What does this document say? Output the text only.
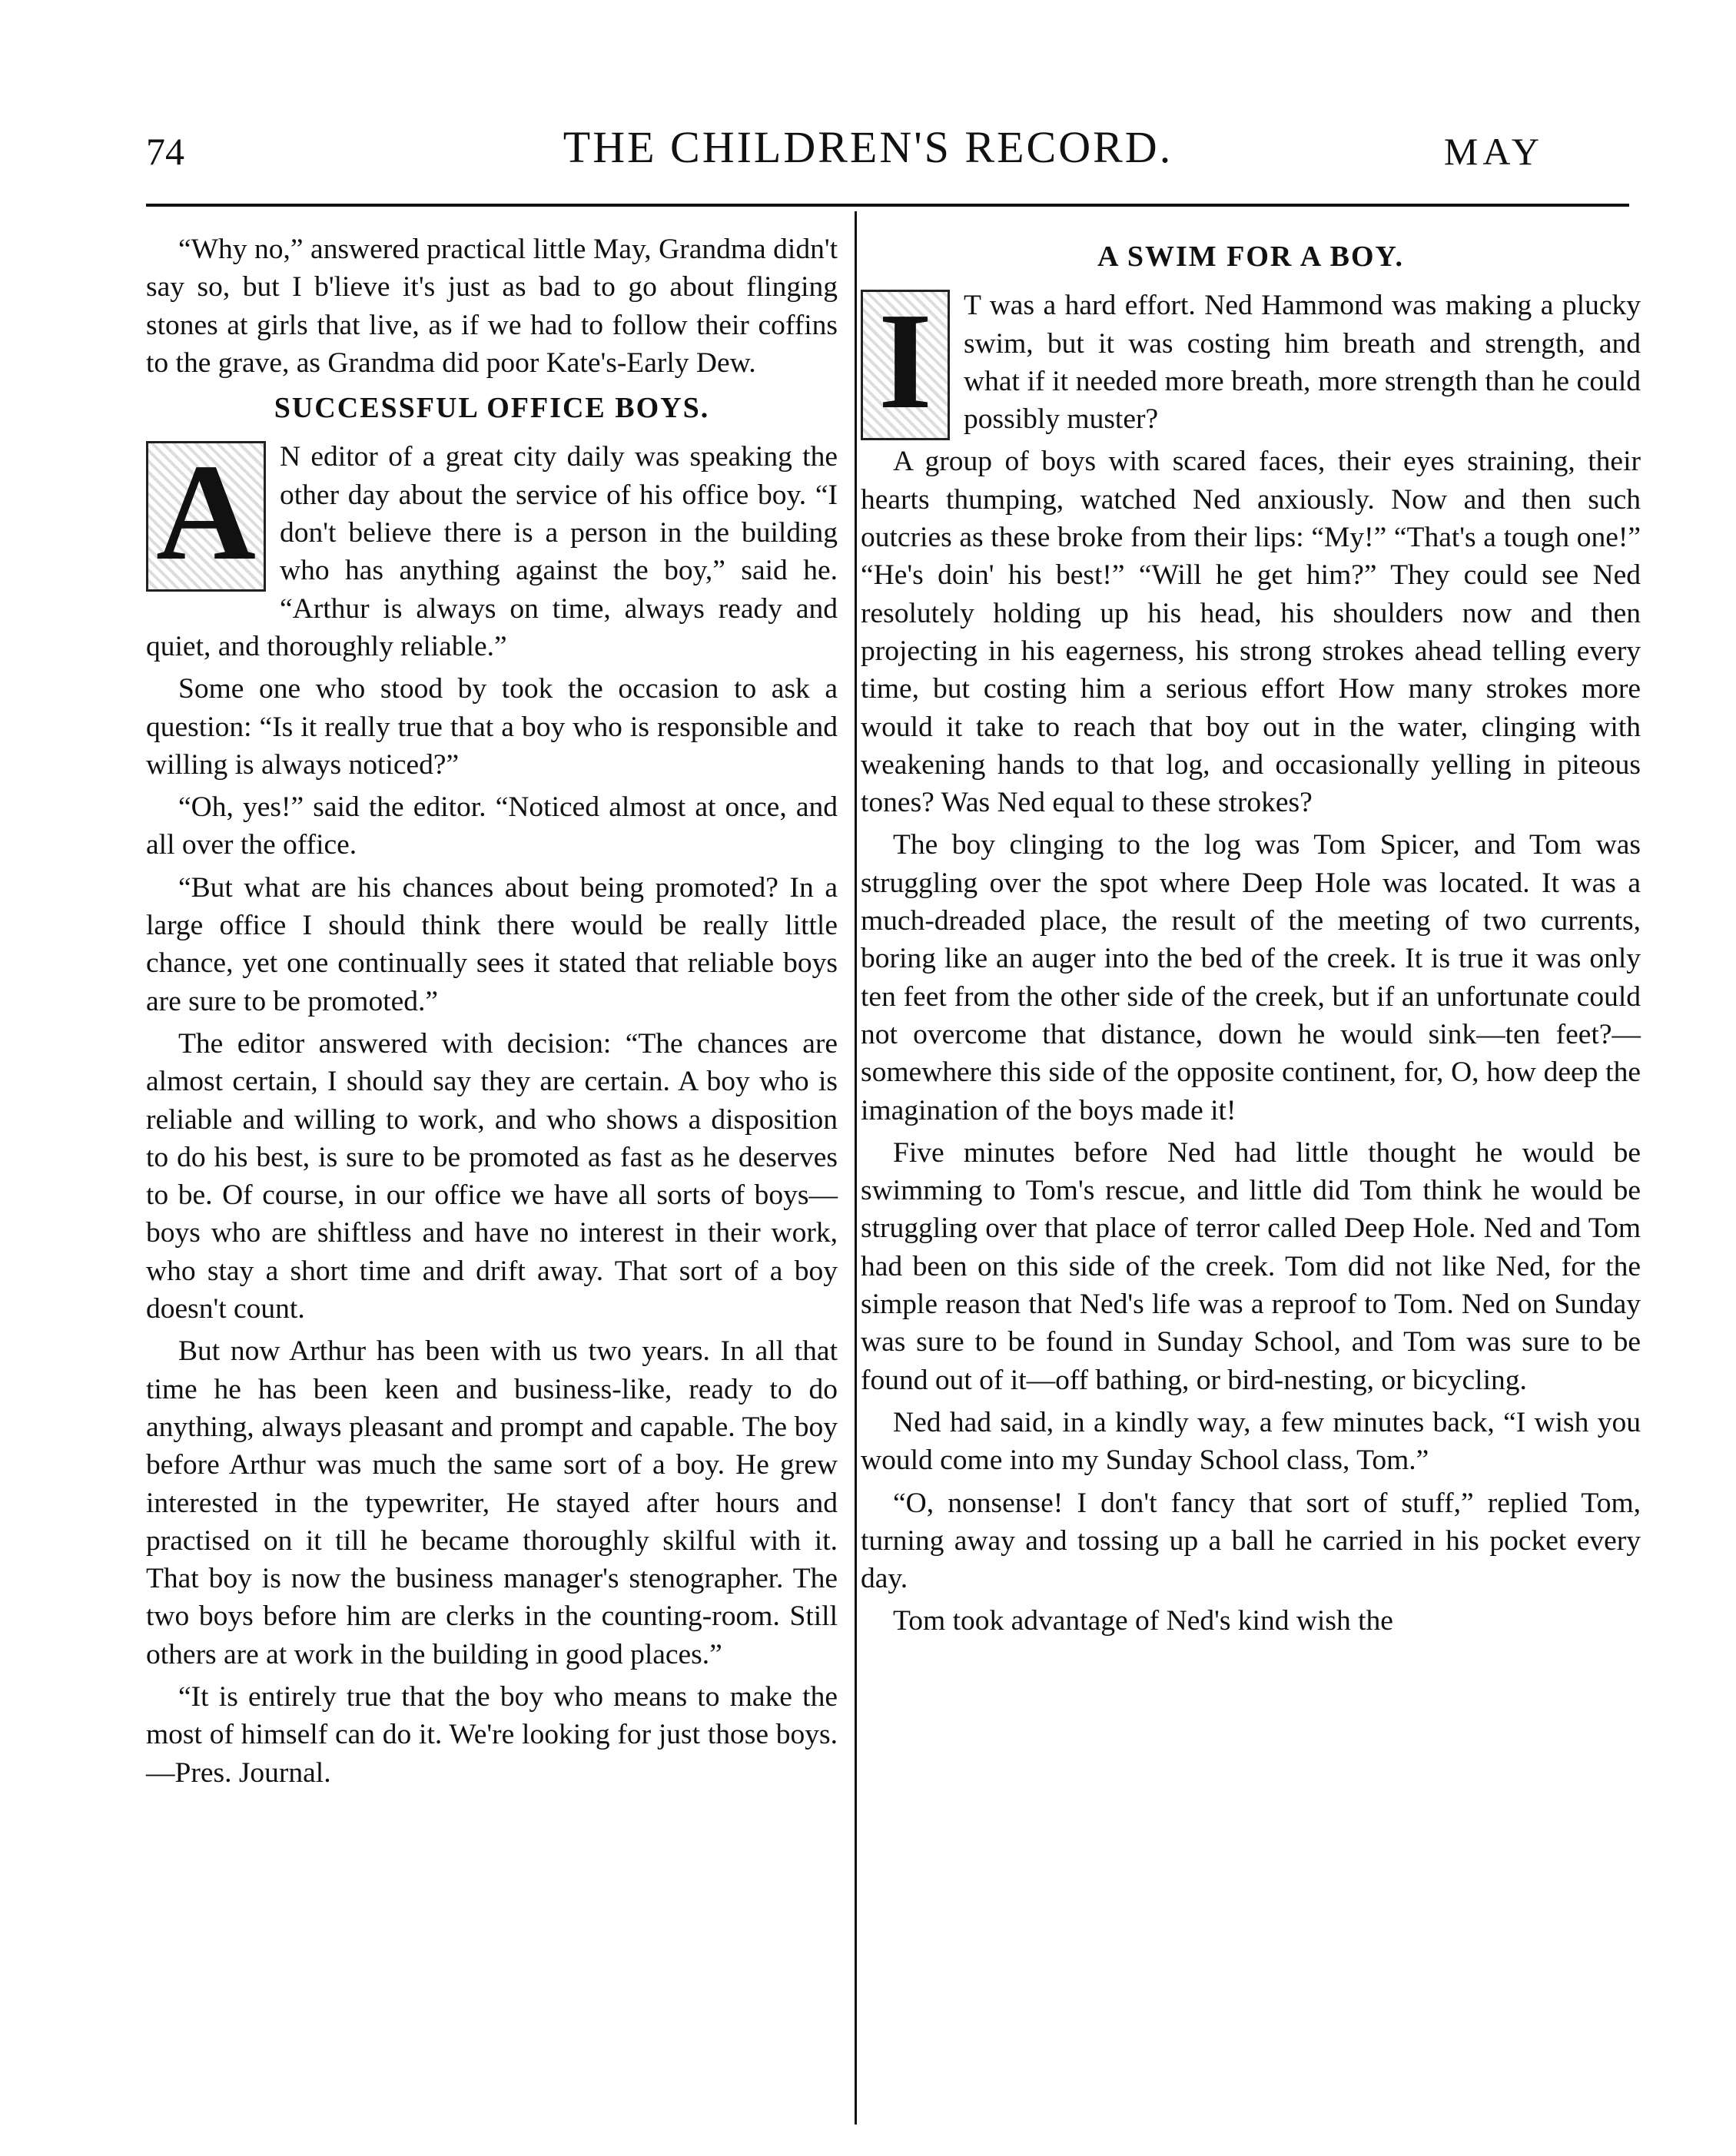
74	THE CHILDREN'S RECORD.	MAY

“Why no,” answered practical little May, Grandma didn't say so, but I b'lieve it's just as bad to go about flinging stones at girls that live, as if we had to follow their coffins to the grave, as Grandma did poor Kate's-Early Dew.

SUCCESSFUL OFFICE BOYS.
A N editor of a great city daily was speaking the other day about the service of his office boy. “I don't believe there is a person in the building who has anything against the boy,” said he. “Arthur is always on time, always ready and quiet, and thoroughly reliable.”

Some one who stood by took the occasion to ask a question: “Is it really true that a boy who is responsible and willing is always noticed?”

“Oh, yes!” said the editor. “Noticed almost at once, and all over the office.

“But what are his chances about being promoted? In a large office I should think there would be really little chance, yet one continually sees it stated that reliable boys are sure to be promoted.”

The editor answered with decision: “The chances are almost certain, I should say they are certain. A boy who is reliable and willing to work, and who shows a disposition to do his best, is sure to be promoted as fast as he deserves to be. Of course, in our office we have all sorts of boys—boys who are shiftless and have no interest in their work, who stay a short time and drift away. That sort of a boy doesn't count.

But now Arthur has been with us two years. In all that time he has been keen and business-like, ready to do anything, always pleasant and prompt and capable. The boy before Arthur was much the same sort of a boy. He grew interested in the typewriter, He stayed after hours and practised on it till he became thoroughly skilful with it. That boy is now the business manager's stenographer. The two boys before him are clerks in the counting-room. Still others are at work in the building in good places.”

“It is entirely true that the boy who means to make the most of himself can do it. We're looking for just those boys.—Pres. Journal.

A SWIM FOR A BOY.
I	T was a hard effort. Ned Hammond was making a plucky swim, but it was costing him breath and strength, and what if it needed more breath, more strength than he could possibly muster?

A group of boys with scared faces, their eyes straining, their hearts thumping, watched Ned anxiously. Now and then such outcries as these broke from their lips: “My!” “That's a tough one!” “He's doin' his best!” “Will he get him?” They could see Ned resolutely holding up his head, his shoulders now and then projecting in his eagerness, his strong strokes ahead telling every time, but costing him a serious effort How many strokes more would it take to reach that boy out in the water, clinging with weakening hands to that log, and occasionally yelling in piteous tones? Was Ned equal to these strokes?

The boy clinging to the log was Tom Spicer, and Tom was struggling over the spot where Deep Hole was located. It was a much-dreaded place, the result of the meeting of two currents, boring like an auger into the bed of the creek. It is true it was only ten feet from the other side of the creek, but if an unfortunate could not overcome that distance, down he would sink—ten feet?—somewhere this side of the opposite continent, for, O, how deep the imagination of the boys made it!

Five minutes before Ned had little thought he would be swimming to Tom's rescue, and little did Tom think he would be struggling over that place of terror called Deep Hole. Ned and Tom had been on this side of the creek. Tom did not like Ned, for the simple reason that Ned's life was a reproof to Tom. Ned on Sunday was sure to be found in Sunday School, and Tom was sure to be found out of it—off bathing, or bird-nesting, or bicycling.

Ned had said, in a kindly way, a few minutes back, “I wish you would come into my Sunday School class, Tom.”

“O, nonsense! I don't fancy that sort of stuff,” replied Tom, turning away and tossing up a ball he carried in his pocket every day.

Tom took advantage of Ned's kind wish the
